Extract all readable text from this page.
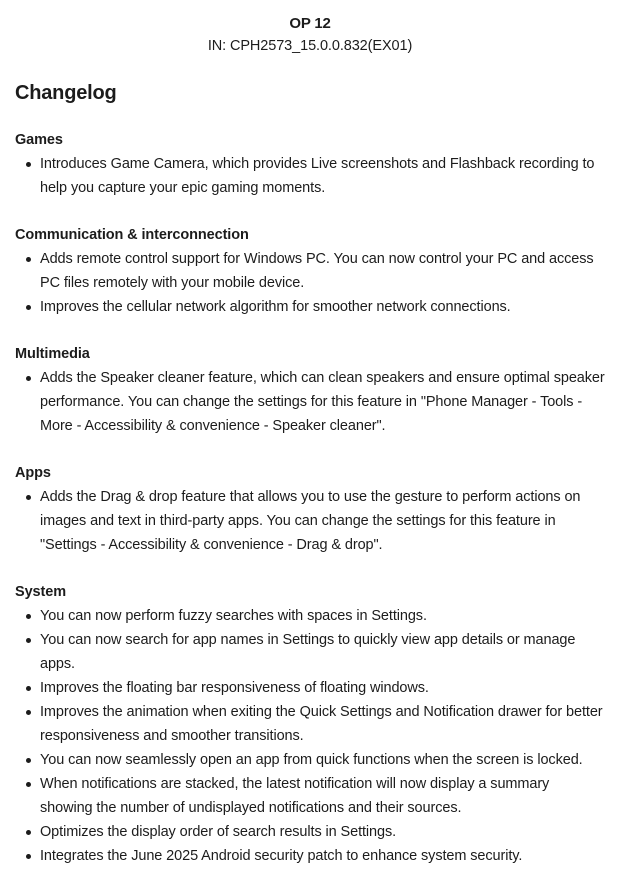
OP 12
IN: CPH2573_15.0.0.832(EX01)
Changelog
Games
Introduces Game Camera, which provides Live screenshots and Flashback recording to help you capture your epic gaming moments.
Communication & interconnection
Adds remote control support for Windows PC. You can now control your PC and access PC files remotely with your mobile device.
Improves the cellular network algorithm for smoother network connections.
Multimedia
Adds the Speaker cleaner feature, which can clean speakers and ensure optimal speaker performance. You can change the settings for this feature in "Phone Manager - Tools - More - Accessibility & convenience - Speaker cleaner".
Apps
Adds the Drag & drop feature that allows you to use the gesture to perform actions on images and text in third-party apps. You can change the settings for this feature in "Settings - Accessibility & convenience - Drag & drop".
System
You can now perform fuzzy searches with spaces in Settings.
You can now search for app names in Settings to quickly view app details or manage apps.
Improves the floating bar responsiveness of floating windows.
Improves the animation when exiting the Quick Settings and Notification drawer for better responsiveness and smoother transitions.
You can now seamlessly open an app from quick functions when the screen is locked.
When notifications are stacked, the latest notification will now display a summary showing the number of undisplayed notifications and their sources.
Optimizes the display order of search results in Settings.
Integrates the June 2025 Android security patch to enhance system security.
